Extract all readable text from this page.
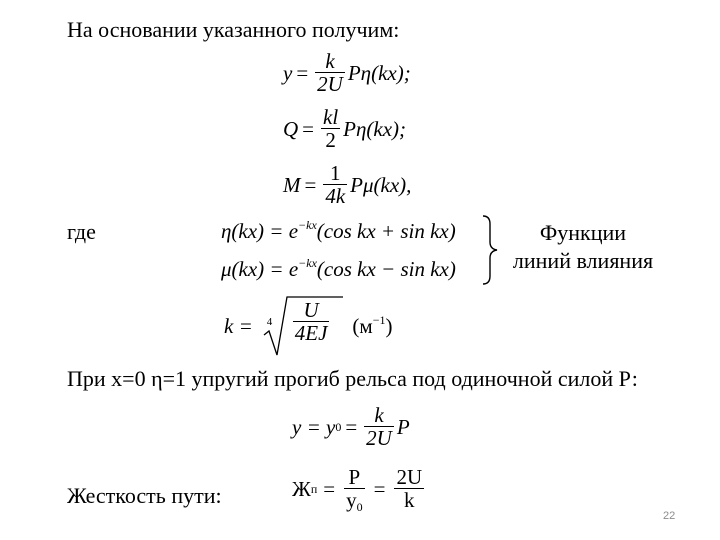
На основании указанного получим:
$y = \frac{k}{2U} P\eta(kx)$;
$Q = \frac{kl}{2} P\eta(kx)$;
$M = \frac{1}{4k} P\mu(kx)$,
где	$\eta(kx) = e^{-kx}(\cos$ kx + sin kx)
$\mu(kx) = e^{-kx}(\cos$ kx − sin kx)
Функции
линий влияния
$k = 4 \frac{U}{4EJ} (м^{-1})$
При х=0 η=1 упругий прогиб рельса под одиночной силой Р:
y = y $0 = \frac{k}{2U}$ P
Жесткость пути:	Ж $п = \frac{P}{y_0} = \frac{2U}{k}$
22
